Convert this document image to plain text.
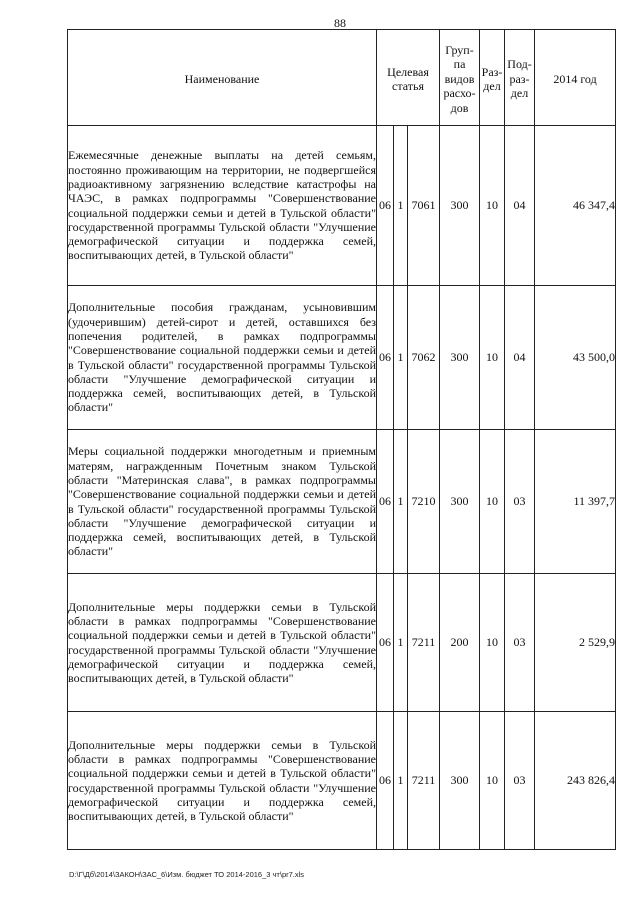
88
Наименование	Целевая статья			Груп-па видов расхо-дов	Раз-дел	Под-раз-дел	2014 год
Ежемесячные денежные выплаты на детей семьям, постоянно проживающим на территории, не подвергшейся радиоактивному загрязнению вследствие катастрофы на ЧАЭС, в рамках подпрограммы "Совершенствование социальной поддержки семьи и детей в Тульской области" государственной программы Тульской области "Улучшение демографической ситуации и поддержка семей, воспитывающих детей, в Тульской области"	06	1	7061	300	10	04	46 347,4
Дополнительные пособия гражданам, усыновившим (удочерившим) детей-сирот и детей, оставшихся без попечения родителей, в рамках подпрограммы "Совершенствование социальной поддержки семьи и детей в Тульской области" государственной программы Тульской области "Улучшение демографической ситуации и поддержка семей, воспитывающих детей, в Тульской области"	06	1	7062	300	10	04	43 500,0
Меры социальной поддержки многодетным и приемным матерям, награжденным Почетным знаком Тульской области "Материнская слава", в рамках подпрограммы "Совершенствование социальной поддержки семьи и детей в Тульской области" государственной программы Тульской области "Улучшение демографической ситуации и поддержка семей, воспитывающих детей, в Тульской области"	06	1	7210	300	10	03	11 397,7
Дополнительные меры поддержки семьи в Тульской области в рамках подпрограммы "Совершенствование социальной поддержки семьи и детей в Тульской области" государственной программы Тульской области "Улучшение демографической ситуации и поддержка семей, воспитывающих детей, в Тульской области"	06	1	7211	200	10	03	2 529,9
Дополнительные меры поддержки семьи в Тульской области в рамках подпрограммы "Совершенствование социальной поддержки семьи и детей в Тульской области" государственной программы Тульской области "Улучшение демографической ситуации и поддержка семей, воспитывающих детей, в Тульской области"	06	1	7211	300	10	03	243 826,4
D:\Г\Дб\2014\ЗАКОН\ЗАС_6\Изм. бюджет ТО 2014-2016_3 чт\pr7.xls
